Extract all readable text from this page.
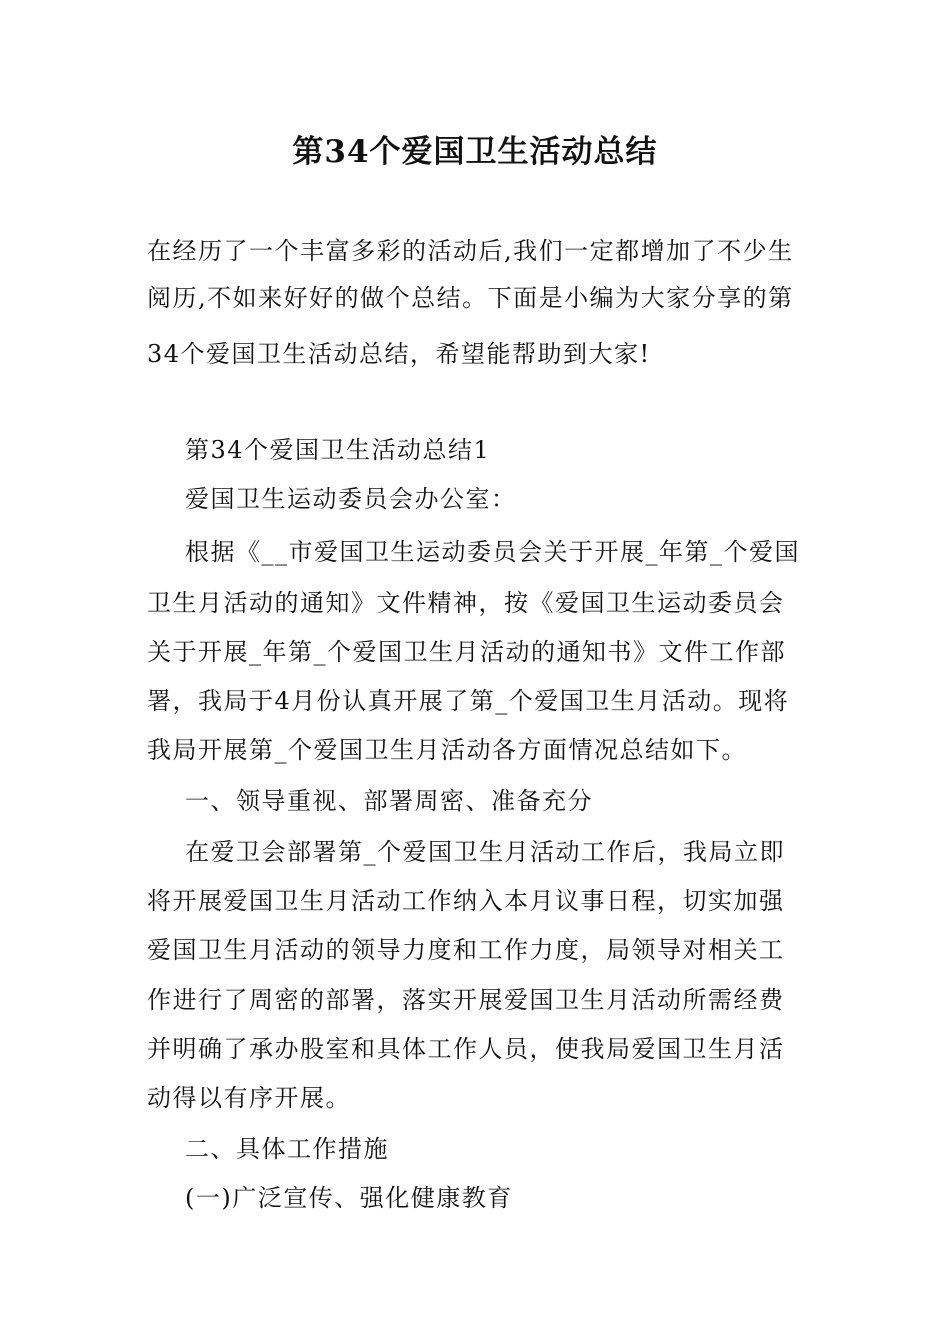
第34个爱国卫生活动总结
在经历了一个丰富多彩的活动后,我们一定都增加了不少生
阅历,不如来好好的做个总结。下面是小编为大家分享的第
34个爱国卫生活动总结，希望能帮助到大家!
第34个爱国卫生活动总结1
爱国卫生运动委员会办公室：
根据《__市爱国卫生运动委员会关于开展_年第_个爱国
卫生月活动的通知》文件精神，按《爱国卫生运动委员会
关于开展_年第_个爱国卫生月活动的通知书》文件工作部
署，我局于4月份认真开展了第_个爱国卫生月活动。现将
我局开展第_个爱国卫生月活动各方面情况总结如下。
一、领导重视、部署周密、准备充分
在爱卫会部署第_个爱国卫生月活动工作后，我局立即
将开展爱国卫生月活动工作纳入本月议事日程，切实加强
爱国卫生月活动的领导力度和工作力度，局领导对相关工
作进行了周密的部署，落实开展爱国卫生月活动所需经费
并明确了承办股室和具体工作人员，使我局爱国卫生月活
动得以有序开展。
二、具体工作措施
(一)广泛宣传、强化健康教育
